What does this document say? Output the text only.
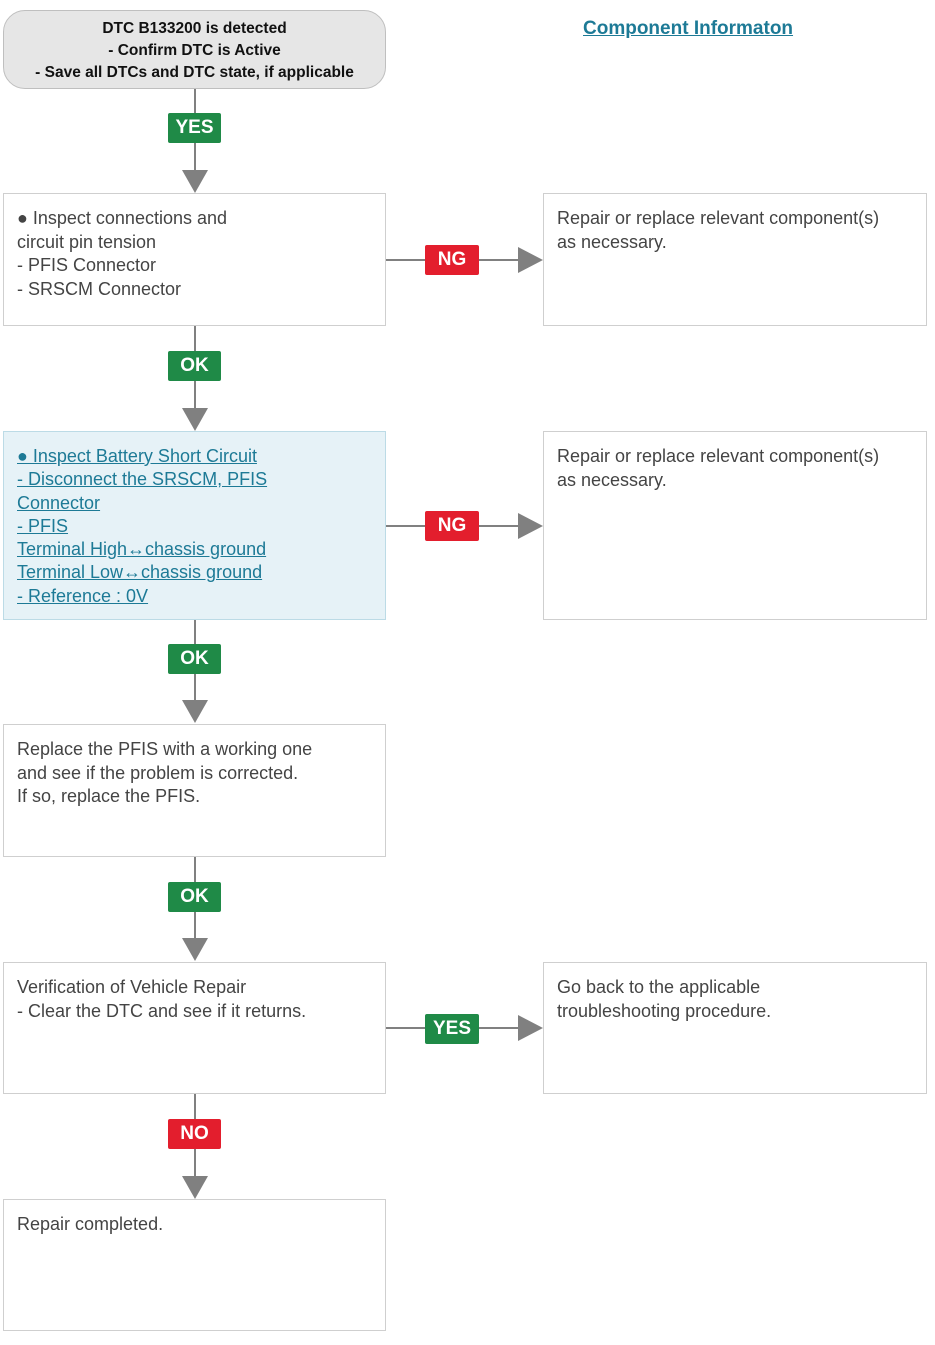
DTC B133200 is detected
- Confirm DTC is Active
- Save all DTCs and DTC state, if applicable
Component Informaton
● Inspect connections and
circuit pin tension
- PFIS Connector
- SRSCM Connector
Repair or replace relevant component(s)
as necessary.
● Inspect Battery Short Circuit
- Disconnect the SRSCM, PFIS
Connector
- PFIS
Terminal High↔chassis ground
Terminal Low↔chassis ground
- Reference : 0V
Repair or replace relevant component(s)
as necessary.
Replace the PFIS with a working one
and see if the problem is corrected.
If so, replace the PFIS.
Verification of Vehicle Repair
- Clear the DTC and see if it returns.
Go back to the applicable
troubleshooting procedure.
Repair completed.
YES
OK
OK
OK
NO
NG
NG
YES
